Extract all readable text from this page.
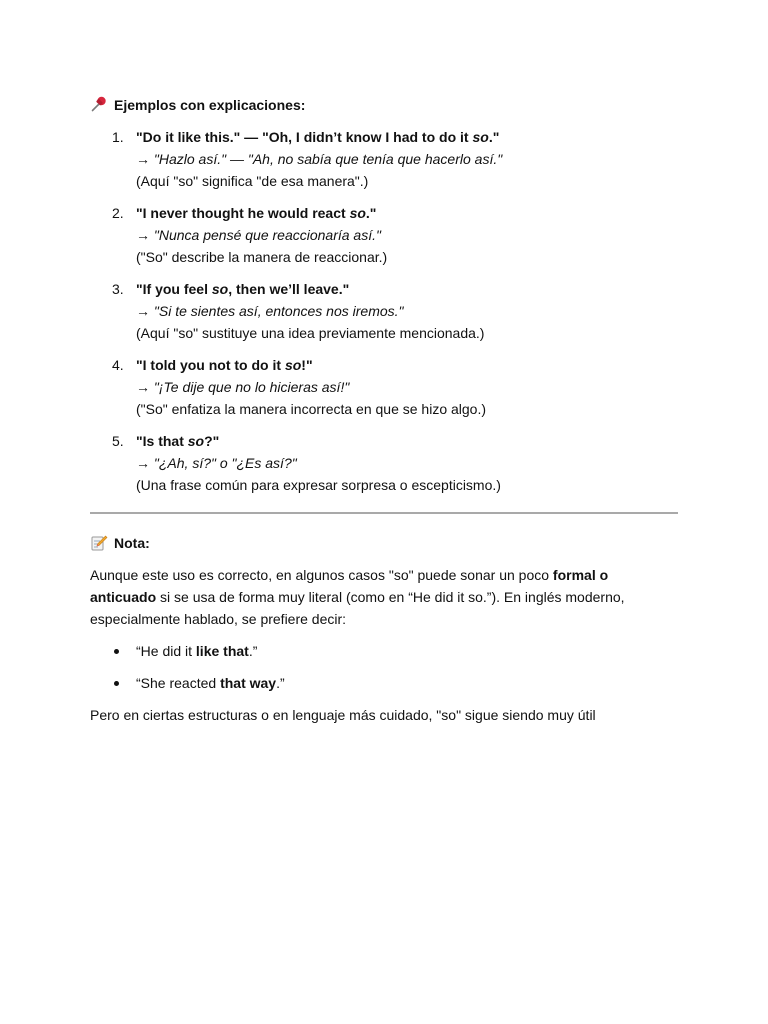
Ejemplos con explicaciones:
1. "Do it like this." — "Oh, I didn’t know I had to do it so."
→ "Hazlo así." — "Ah, no sabía que tenía que hacerlo así."
(Aquí "so" significa "de esa manera".)
2. "I never thought he would react so."
→ "Nunca pensé que reaccionaría así."
("So" describe la manera de reaccionar.)
3. "If you feel so, then we’ll leave."
→ "Si te sientes así, entonces nos iremos."
(Aquí "so" sustituye una idea previamente mencionada.)
4. "I told you not to do it so!"
→ "¡Te dije que no lo hicieras así!"
("So" enfatiza la manera incorrecta en que se hizo algo.)
5. "Is that so?"
→ "¿Ah, sí?" o "¿Es así?"
(Una frase común para expresar sorpresa o escepticismo.)
Nota:

Aunque este uso es correcto, en algunos casos "so" puede sonar un poco formal o anticuado si se usa de forma muy literal (como en “He did it so.”). En inglés moderno, especialmente hablado, se prefiere decir:

“He did it like that.”
“She reacted that way.”

Pero en ciertas estructuras o en lenguaje más cuidado, "so" sigue siendo muy útil
